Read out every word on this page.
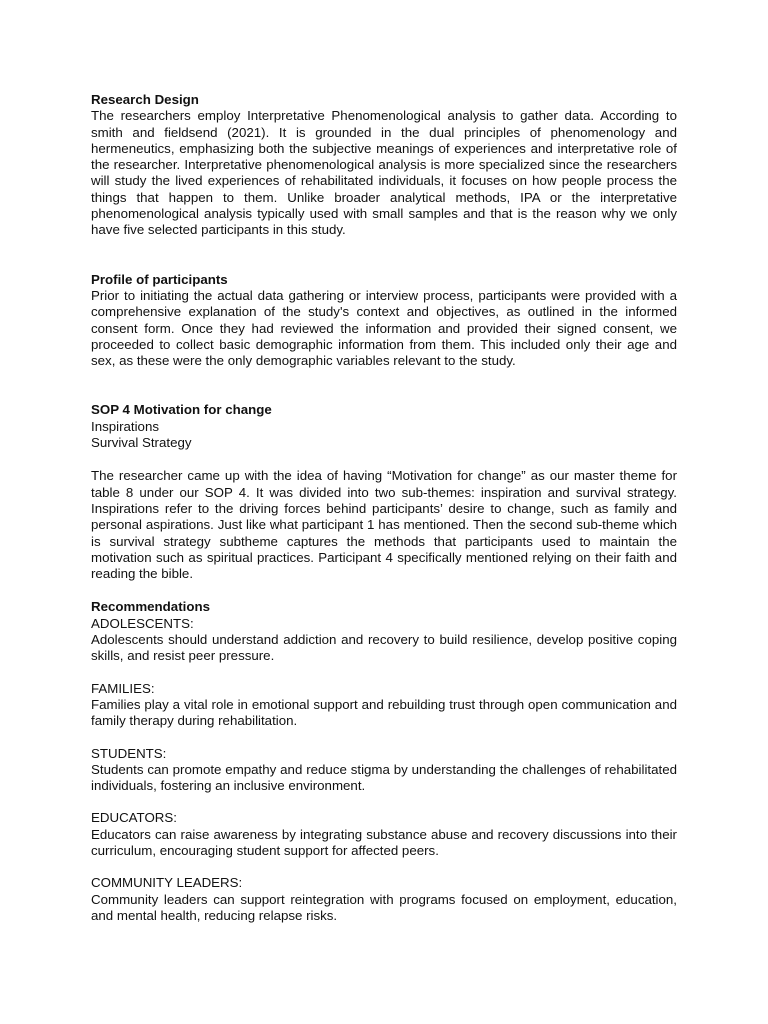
Research Design

The researchers employ Interpretative Phenomenological analysis to gather data. According to smith and fieldsend (2021). It is grounded in the dual principles of phenomenology and hermeneutics, emphasizing both the subjective meanings of experiences and interpretative role of the researcher. Interpretative phenomenological analysis is more specialized since the researchers will study the lived experiences of rehabilitated individuals, it focuses on how people process the things that happen to them. Unlike broader analytical methods, IPA or the interpretative phenomenological analysis typically used with small samples and that is the reason why we only have five selected participants in this study.

Profile of participants

Prior to initiating the actual data gathering or interview process, participants were provided with a comprehensive explanation of the study's context and objectives, as outlined in the informed consent form. Once they had reviewed the information and provided their signed consent, we proceeded to collect basic demographic information from them. This included only their age and sex, as these were the only demographic variables relevant to the study.

SOP 4 Motivation for change
Inspirations
Survival Strategy

The researcher came up with the idea of having “Motivation for change” as our master theme for table 8 under our SOP 4. It was divided into two sub-themes: inspiration and survival strategy. Inspirations refer to the driving forces behind participants’ desire to change, such as family and personal aspirations. Just like what participant 1 has mentioned. Then the second sub-theme which is survival strategy subtheme captures the methods that participants used to maintain the motivation such as spiritual practices. Participant 4 specifically mentioned relying on their faith and reading the bible.

Recommendations
ADOLESCENTS:

Adolescents should understand addiction and recovery to build resilience, develop positive coping skills, and resist peer pressure.

FAMILIES:

Families play a vital role in emotional support and rebuilding trust through open communication and family therapy during rehabilitation.

STUDENTS:

Students can promote empathy and reduce stigma by understanding the challenges of rehabilitated individuals, fostering an inclusive environment.

EDUCATORS:

Educators can raise awareness by integrating substance abuse and recovery discussions into their curriculum, encouraging student support for affected peers.

COMMUNITY LEADERS:

Community leaders can support reintegration with programs focused on employment, education, and mental health, reducing relapse risks.
